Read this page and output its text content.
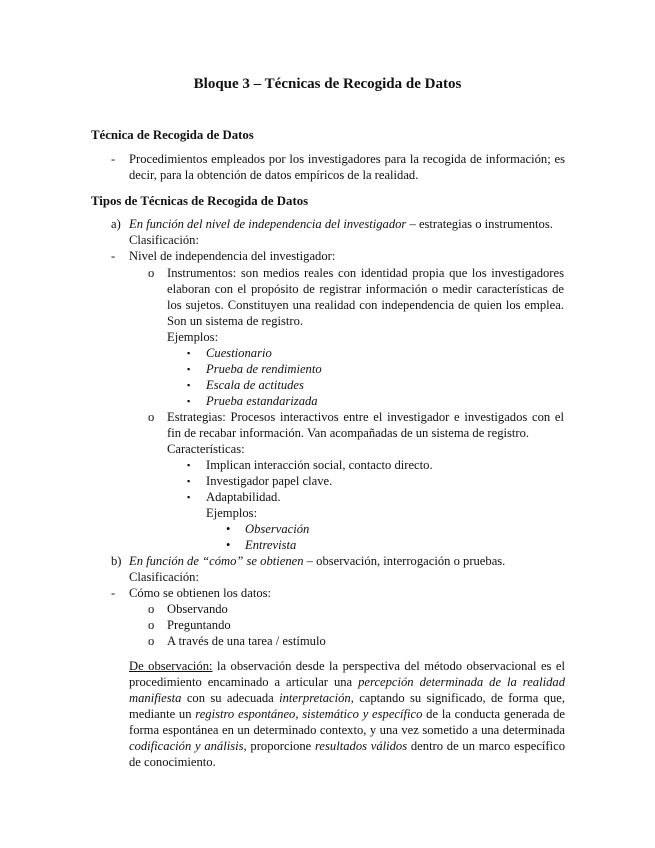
Bloque 3 – Técnicas de Recogida de Datos
Técnica de Recogida de Datos
- Procedimientos empleados por los investigadores para la recogida de información; es decir, para la obtención de datos empíricos de la realidad.
Tipos de Técnicas de Recogida de Datos
a) En función del nivel de independencia del investigador – estrategias o instrumentos.
Clasificación:
- Nivel de independencia del investigador:
o Instrumentos: son medios reales con identidad propia que los investigadores elaboran con el propósito de registrar información o medir características de los sujetos. Constituyen una realidad con independencia de quien los emplea. Son un sistema de registro.
Ejemplos:
▪ Cuestionario
▪ Prueba de rendimiento
▪ Escala de actitudes
▪ Prueba estandarizada
o Estrategias: Procesos interactivos entre el investigador e investigados con el fin de recabar información. Van acompañadas de un sistema de registro.
Características:
▪ Implican interacción social, contacto directo.
▪ Investigador papel clave.
▪ Adaptabilidad.
Ejemplos:
• Observación
• Entrevista
b) En función de “cómo” se obtienen – observación, interrogación o pruebas.
Clasificación:
- Cómo se obtienen los datos:
o Observando
o Preguntando
o A través de una tarea / estímulo
De observación: la observación desde la perspectiva del método observacional es el procedimiento encaminado a articular una percepción determinada de la realidad manifiesta con su adecuada interpretación, captando su significado, de forma que, mediante un registro espontáneo, sistemático y específico de la conducta generada de forma espontánea en un determinado contexto, y una vez sometido a una determinada codificación y análisis, proporcione resultados válidos dentro de un marco específico de conocimiento.
